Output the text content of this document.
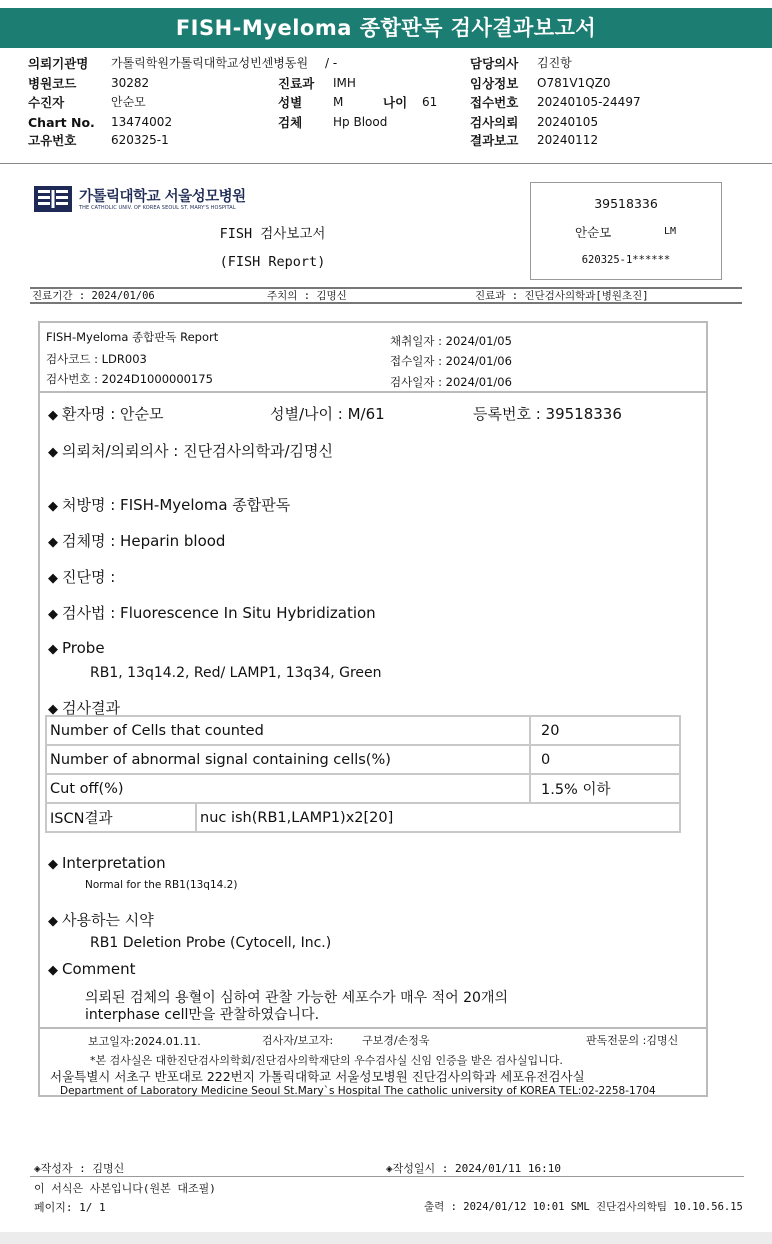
FISH-Myeloma 종합판독 검사결과보고서
의뢰기관명 가톨릭학원가톨릭대학교성빈센병동원 / -	담당의사 김진항
병원코드	30282	진료과 IMH	임상정보 O781V1QZ0
수진자	안순모	성별	M	나이 61	접수번호 20240105-24497
Chart No. 13474002	검체	Hp Blood	검사의뢰 20240105
고유번호	620325-1	결과보고 20240112
가톨릭대학교 서울성모병원
THE CATHOLIC UNIV. OF KOREA SEOUL ST. MARY'S HOSPITAL
FISH 검사보고서
(FISH Report)
39518336
안순모	LM
620325-1******
진료기간 : 2024/01/06	주치의 : 김명신	진료과 : 진단검사의학과[병원초진]
FISH-Myeloma 종합판독 Report
검사코드 : LDR003
검사번호 : 2024D1000000175
채취일자 : 2024/01/05
접수일자 : 2024/01/06
검사일자 : 2024/01/06
◆ 환자명 : 안순모	성별/나이 : M/61	등록번호 : 39518336
◆ 의뢰처/의뢰의사 : 진단검사의학과/김명신
◆ 처방명 : FISH-Myeloma 종합판독
◆ 검체명 : Heparin blood
◆ 진단명 :
◆ 검사법 : Fluorescence In Situ Hybridization
◆ Probe
RB1, 13q14.2, Red/ LAMP1, 13q34, Green
◆ 검사결과
Number of Cells that counted		20
Number of abnormal signal containing cells(%)		0
Cut off(%)		1.5% 이하
ISCN결과	nuc ish(RB1,LAMP1)x2[20]	
◆ Interpretation
Normal for the RB1(13q14.2)
◆ 사용하는 시약
RB1 Deletion Probe (Cytocell, Inc.)
◆ Comment
의뢰된 검체의 용혈이 심하여 관찰 가능한 세포수가 매우 적어 20개의
interphase cell만을 관찰하였습니다.
보고일자:2024.01.11.	검사자/보고자:	구보경/손정욱	판독전문의 :김명신
*본 검사실은 대한진단검사의학회/진단검사의학재단의 우수검사실 신임 인증을 받은 검사실입니다.
서울특별시 서초구 반포대로 222번지 가톨릭대학교 서울성모병원 진단검사의학과 세포유전검사실
Department of Laboratory Medicine Seoul St.Mary`s Hospital The catholic university of KOREA TEL:02-2258-1704
◈작성자 : 김명신	◈작성일시 : 2024/01/11 16:10
이 서식은 사본입니다(원본 대조필)
페이지: 1/ 1	출력 : 2024/01/12 10:01 SML 진단검사의학팀 10.10.56.15
